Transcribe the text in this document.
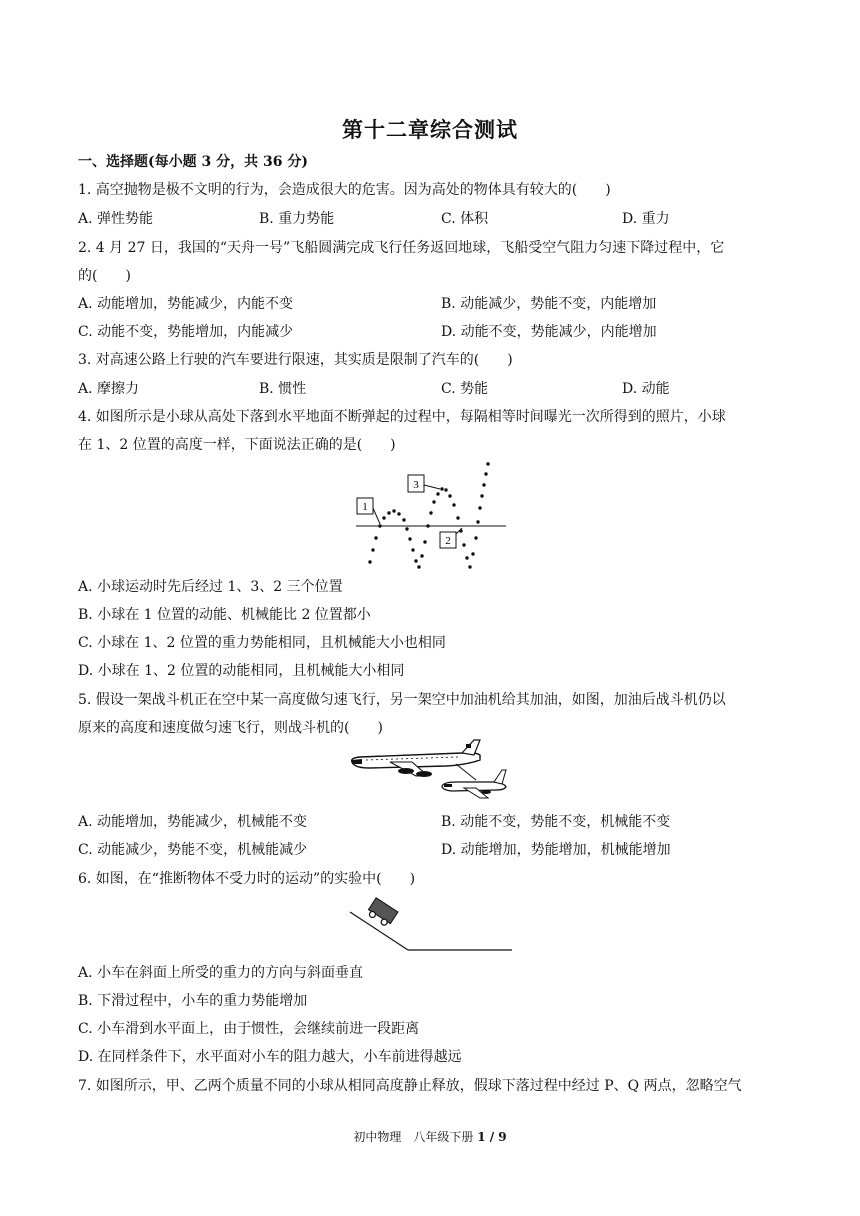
第十二章综合测试
一、选择题(每小题 3 分，共 36 分)
1. 高空抛物是极不文明的行为，会造成很大的危害。因为高处的物体具有较大的(　　)
A. 弹性势能	B. 重力势能	C. 体积	D. 重力
2. 4 月 27 日，我国的“天舟一号”飞船圆满完成飞行任务返回地球，飞船受空气阻力匀速下降过程中，它
的(　　)
A. 动能增加，势能减少，内能不变	B. 动能减少，势能不变，内能增加
C. 动能不变，势能增加，内能减少	D. 动能不变，势能减少，内能增加
3. 对高速公路上行驶的汽车要进行限速，其实质是限制了汽车的(　　)
A. 摩擦力	B. 惯性	C. 势能	D. 动能
4. 如图所示是小球从高处下落到水平地面不断弹起的过程中，每隔相等时间曝光一次所得到的照片，小球
在 1、2 位置的高度一样，下面说法正确的是(　　)
1
3
2
A. 小球运动时先后经过 1、3、2 三个位置
B. 小球在 1 位置的动能、机械能比 2 位置都小
C. 小球在 1、2 位置的重力势能相同，且机械能大小也相同
D. 小球在 1、2 位置的动能相同，且机械能大小相同
5. 假设一架战斗机正在空中某一高度做匀速飞行，另一架空中加油机给其加油，如图，加油后战斗机仍以
原来的高度和速度做匀速飞行，则战斗机的(　　)
A. 动能增加，势能减少，机械能不变	B. 动能不变，势能不变，机械能不变
C. 动能减少，势能不变，机械能减少	D. 动能增加，势能增加，机械能增加
6. 如图，在“推断物体不受力时的运动”的实验中(　　)
A. 小车在斜面上所受的重力的方向与斜面垂直
B. 下滑过程中，小车的重力势能增加
C. 小车滑到水平面上，由于惯性，会继续前进一段距离
D. 在同样条件下，水平面对小车的阻力越大，小车前进得越远
7. 如图所示，甲、乙两个质量不同的小球从相同高度静止释放，假球下落过程中经过 P、Q 两点，忽略空气
初中物理　八年级下册 1 / 9
